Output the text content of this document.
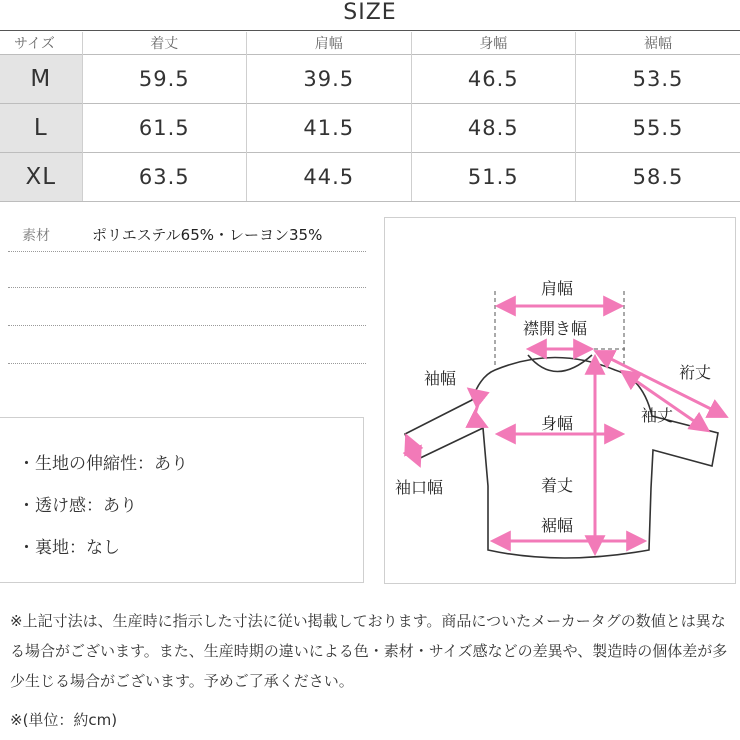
SIZE
サイズ	着丈	肩幅	身幅	裾幅
M	59.5	39.5	46.5	53.5
L	61.5	41.5	48.5	55.5
XL	63.5	44.5	51.5	58.5
素材	ポリエステル65%・レーヨン35%
・生地の伸縮性：あり
・透け感：あり
・裏地：なし
肩幅
襟開き幅
裄丈
袖幅
袖丈
身幅
袖口幅	着丈
裾幅
※上記寸法は、生産時に指示した寸法に従い掲載しております。商品についたメーカータグの数値とは異なる場合がございます。また、生産時期の違いによる色・素材・サイズ感などの差異や、製造時の個体差が多少生じる場合がございます。予めご了承ください。
※(単位：約cm)
